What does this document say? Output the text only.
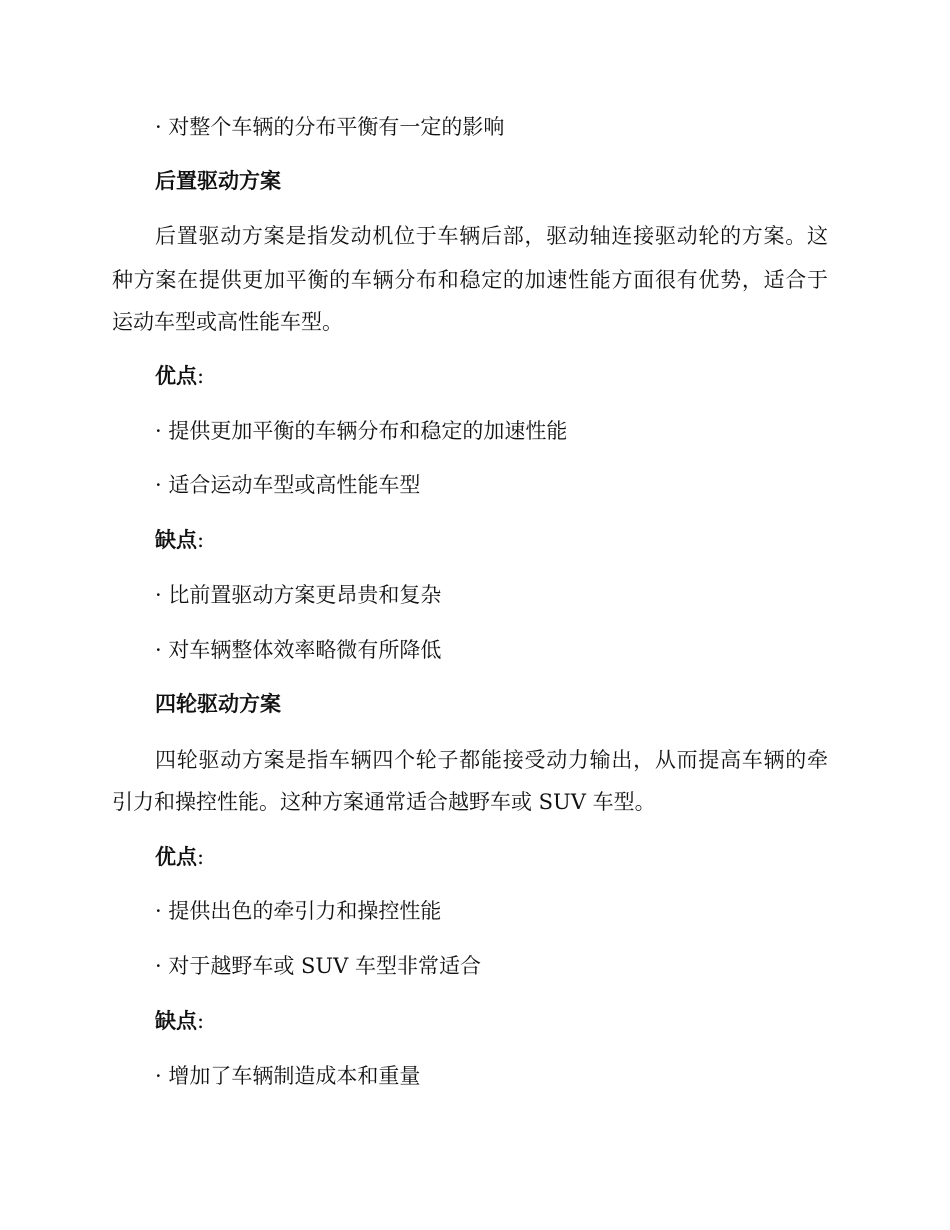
· 对整个车辆的分布平衡有一定的影响
后置驱动方案
后置驱动方案是指发动机位于车辆后部，驱动轴连接驱动轮的方案。这
种方案在提供更加平衡的车辆分布和稳定的加速性能方面很有优势，适合于
运动车型或高性能车型。
优点:
· 提供更加平衡的车辆分布和稳定的加速性能
· 适合运动车型或高性能车型
缺点:
· 比前置驱动方案更昂贵和复杂
· 对车辆整体效率略微有所降低
四轮驱动方案
四轮驱动方案是指车辆四个轮子都能接受动力输出，从而提高车辆的牵
引力和操控性能。这种方案通常适合越野车或 SUV 车型。
优点:
· 提供出色的牵引力和操控性能
· 对于越野车或 SUV 车型非常适合
缺点:
· 增加了车辆制造成本和重量
